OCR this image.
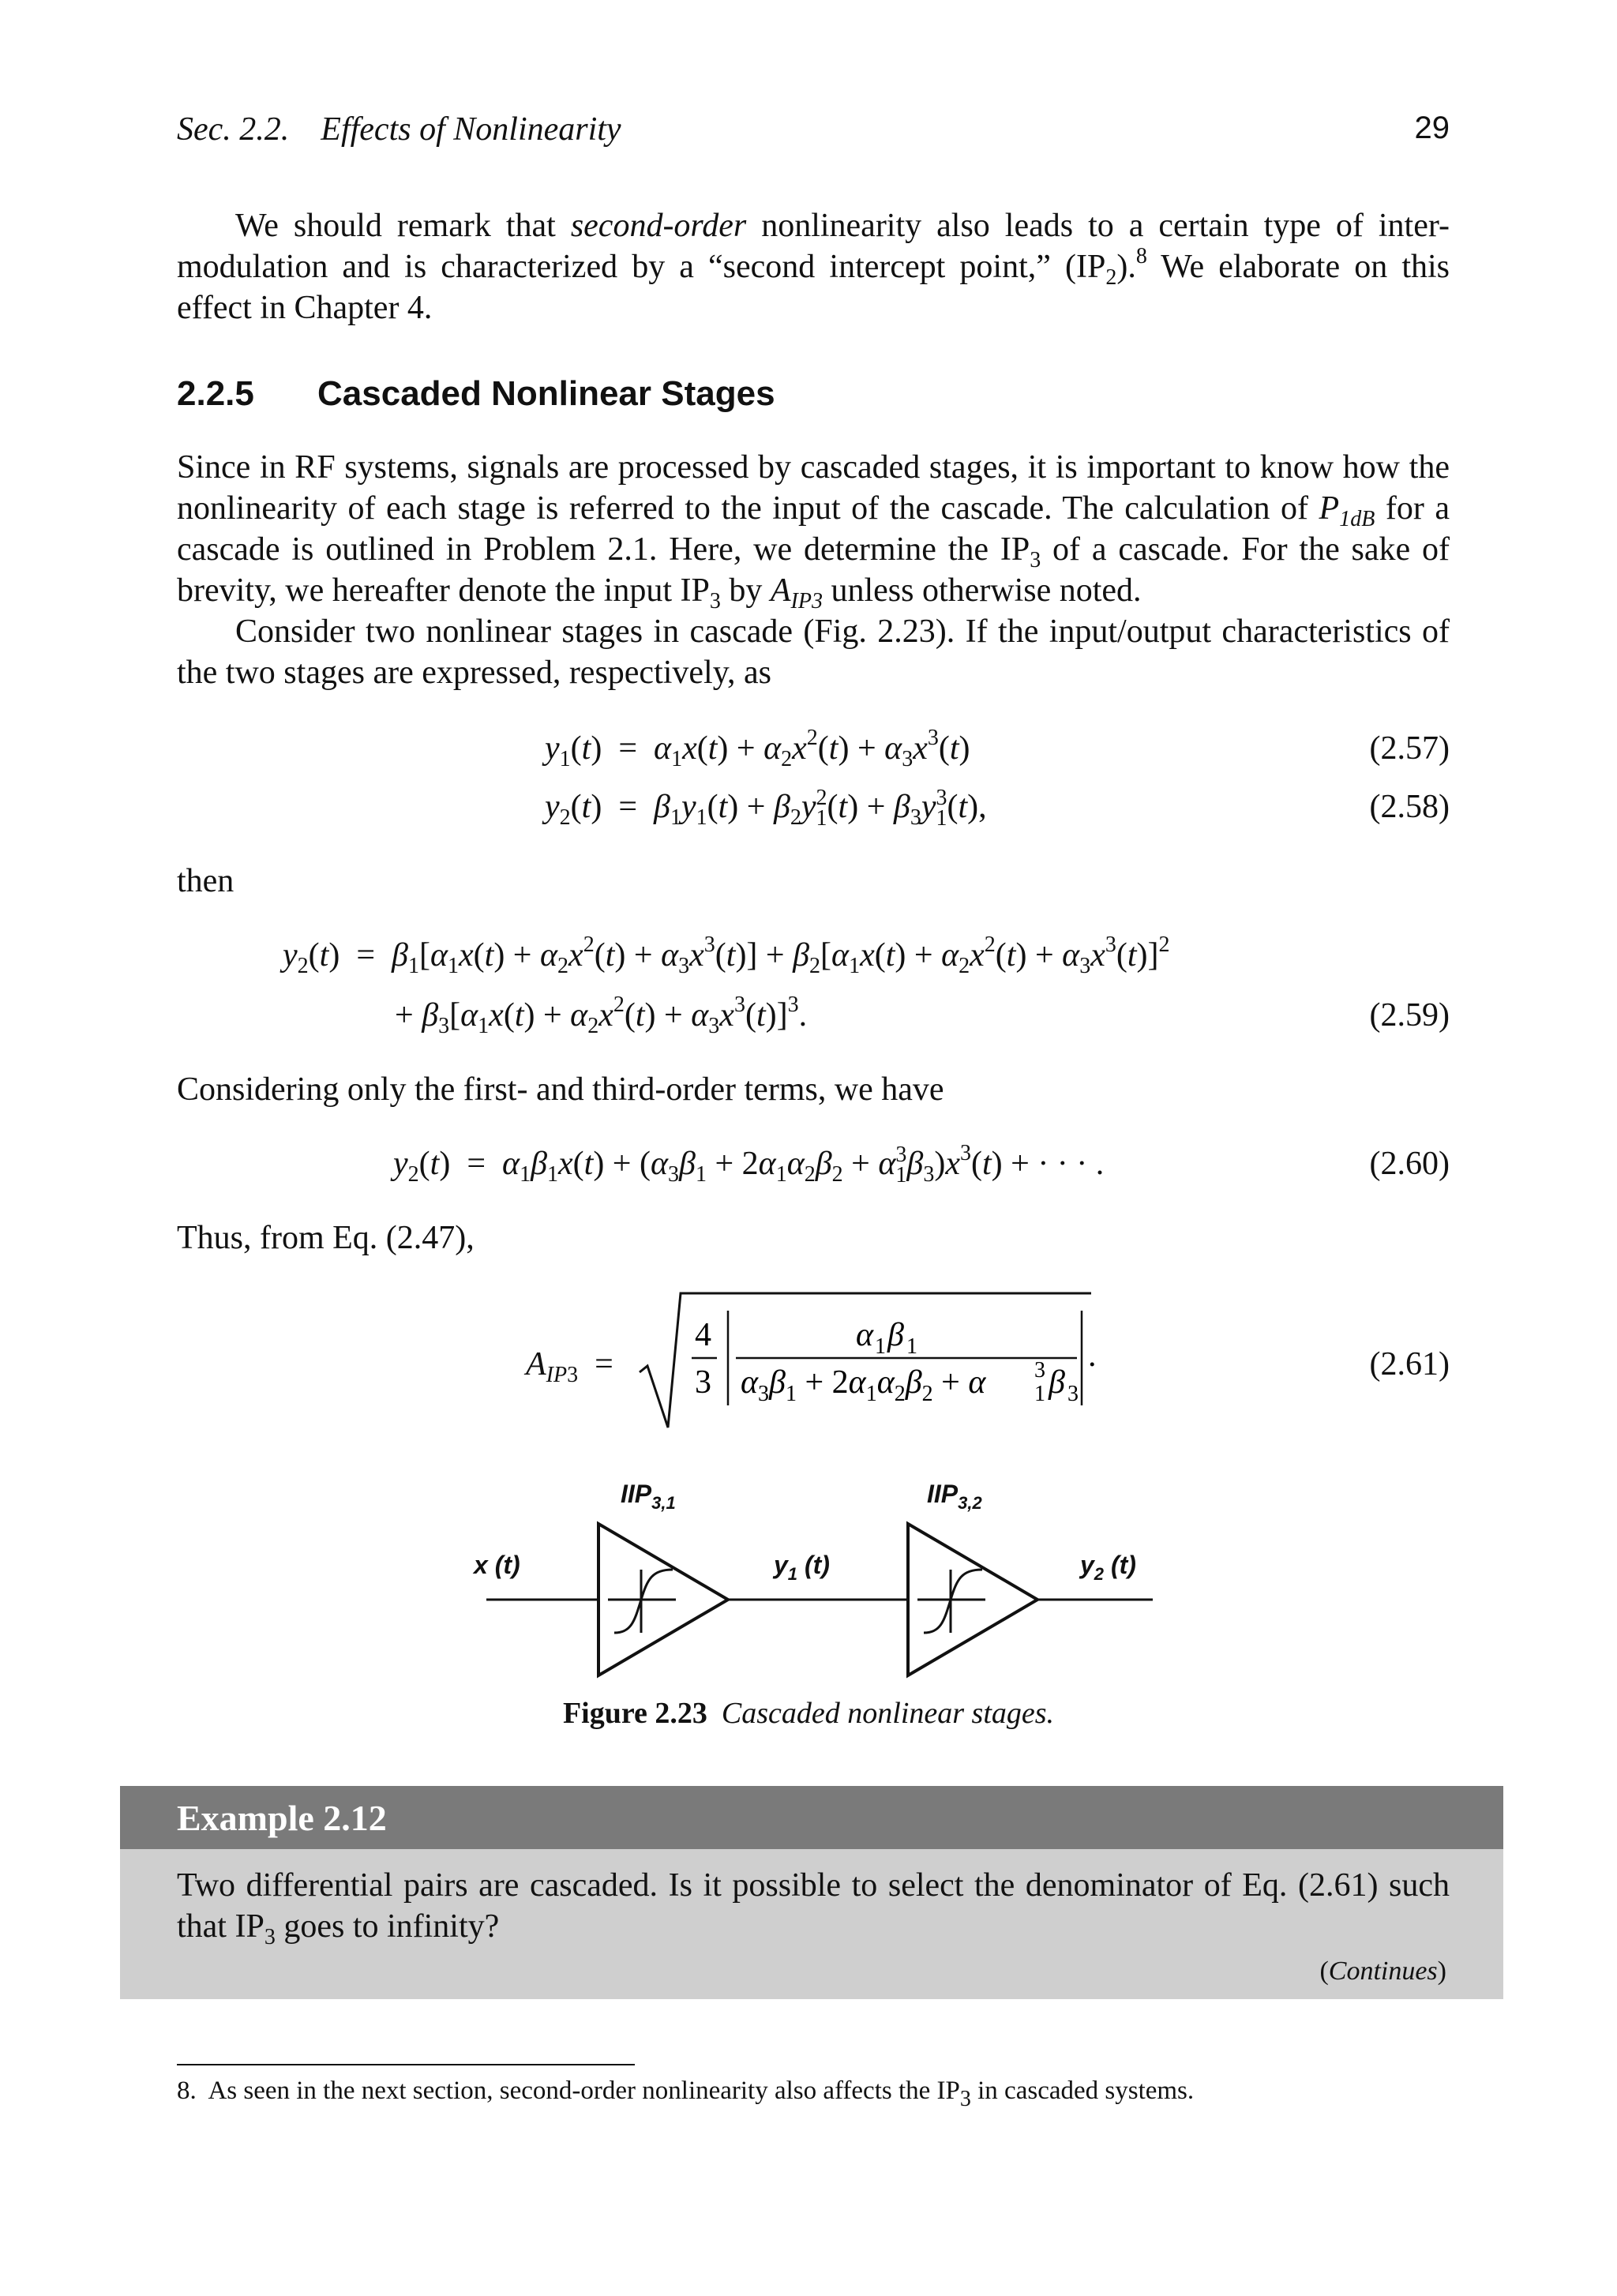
Sec. 2.2. Effects of Nonlinearity	29

We should remark that second-order nonlinearity also leads to a certain type of inter-modulation and is characterized by a “second intercept point,” $(IP_2).^8$ We elaborate on this effect in Chapter 4.

2.2.5 Cascaded Nonlinear Stages

Since in RF systems, signals are processed by cascaded stages, it is important to know how the nonlinearity of each stage is referred to the input of the cascade. The calculation of $P_{1dB}$ for a cascade is outlined in Problem 2.1. Here, we determine the $IP_3$ of a cascade. For the sake of brevity, we hereafter denote the input $IP_3$ by $A_{IP3}$ unless otherwise noted.

Consider two nonlinear stages in cascade (Fig. 2.23). If the input/output characteristics of the two stages are expressed, respectively, as

$y_1(t) = \alpha_1x(t) + \alpha_2x^2(t) + \alpha_3x^3(t)$	(2.57)
$y_2(t) = \beta_1y_1(t) + \beta_2y$ 2
1 $(t) + \beta_3y$ 3
1 (t),	(2.58)
then
$y_2(t) = \beta_1[\alpha_1x(t) + \alpha_2x^2(t) + \alpha_3x^3(t)] + \beta_2[\alpha_1x(t) + \alpha_2x^2(t) + \alpha_3x^3(t)]^2$
+ $\beta_3[\alpha_1x(t) + \alpha_2x^2(t) + \alpha_3x^3(t)]^3$.	(2.59)
Considering only the first- and third-order terms, we have
$y_2(t) = \alpha_1\beta_1x(t) + (\alpha_3\beta_1 + 2\alpha_1\alpha_2\beta_2 + \alpha$ 3
1 $\beta_3)x^3(t)$ + · · · .	(2.60)
Thus, from Eq. (2.47),
$A_{IP3}$  =
4
3
α 1 β 1
$\alpha_3\beta_1 + 2\alpha_1\alpha_2\beta_2 + \alpha$ 3
1 β 3
.	(2.61)
$IIP_{3,1}$	$IIP_{3,2}$
x (t)	$y_1$ (t)	$y_2$ (t)
Figure 2.23 Cascaded nonlinear stages.
Example 2.12
Two differential pairs are cascaded. Is it possible to select the denominator of Eq. (2.61) such that $IP_3$ goes to infinity?
(Continues)
8. As seen in the next section, second-order nonlinearity also affects the $IP_3$ in cascaded systems.
